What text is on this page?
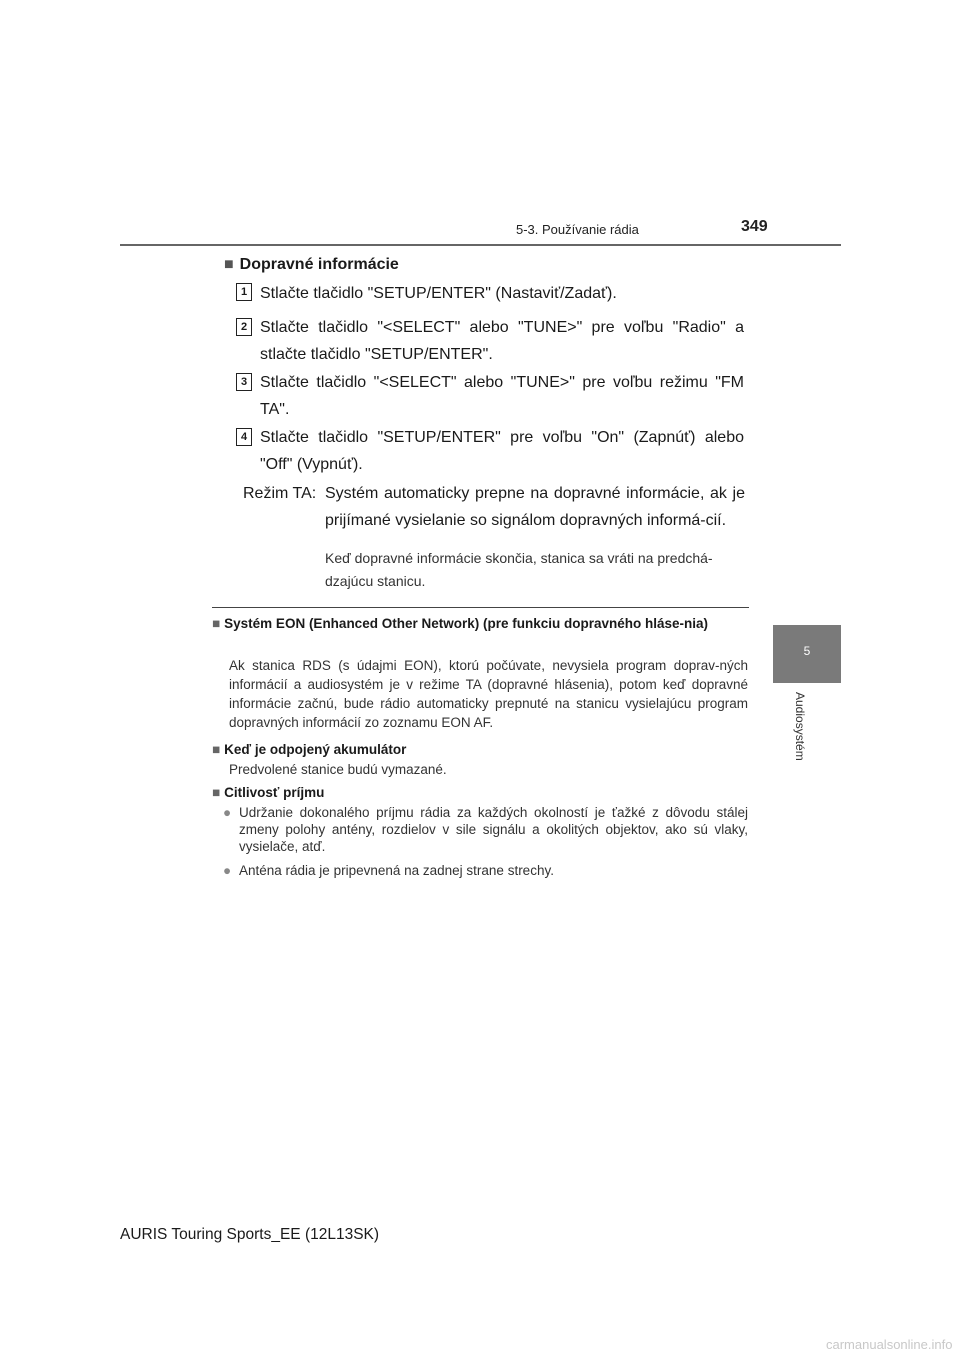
5-3. Používanie rádia	349
5
Audiosystém
■ Dopravné informácie
1 Stlačte tlačidlo "SETUP/ENTER" (Nastaviť/Zadať).
2 Stlačte tlačidlo "<SELECT" alebo "TUNE>" pre voľbu "Radio" a stlačte tlačidlo "SETUP/ENTER".
3 Stlačte tlačidlo "<SELECT" alebo "TUNE>" pre voľbu režimu "FM TA".
4 Stlačte tlačidlo "SETUP/ENTER" pre voľbu "On" (Zapnúť) alebo "Off" (Vypnúť).
Režim TA: Systém automaticky prepne na dopravné informácie, ak je prijímané vysielanie so signálom dopravných informá-cií.
Keď dopravné informácie skončia, stanica sa vráti na predchá-dzajúcu stanicu.
■ Systém EON (Enhanced Other Network) (pre funkciu dopravného hláse-nia)
Ak stanica RDS (s údajmi EON), ktorú počúvate, nevysiela program doprav-ných informácií a audiosystém je v režime TA (dopravné hlásenia), potom keď dopravné informácie začnú, bude rádio automaticky prepnuté na stanicu vysielajúcu program dopravných informácií zo zoznamu EON AF.
■ Keď je odpojený akumulátor
Predvolené stanice budú vymazané.
■ Citlivosť príjmu
● Udržanie dokonalého príjmu rádia za každých okolností je ťažké z dôvodu stálej zmeny polohy antény, rozdielov v sile signálu a okolitých objektov, ako sú vlaky, vysielače, atď.
● Anténa rádia je pripevnená na zadnej strane strechy.
AURIS Touring Sports_EE (12L13SK)
carmanualsonline.info
